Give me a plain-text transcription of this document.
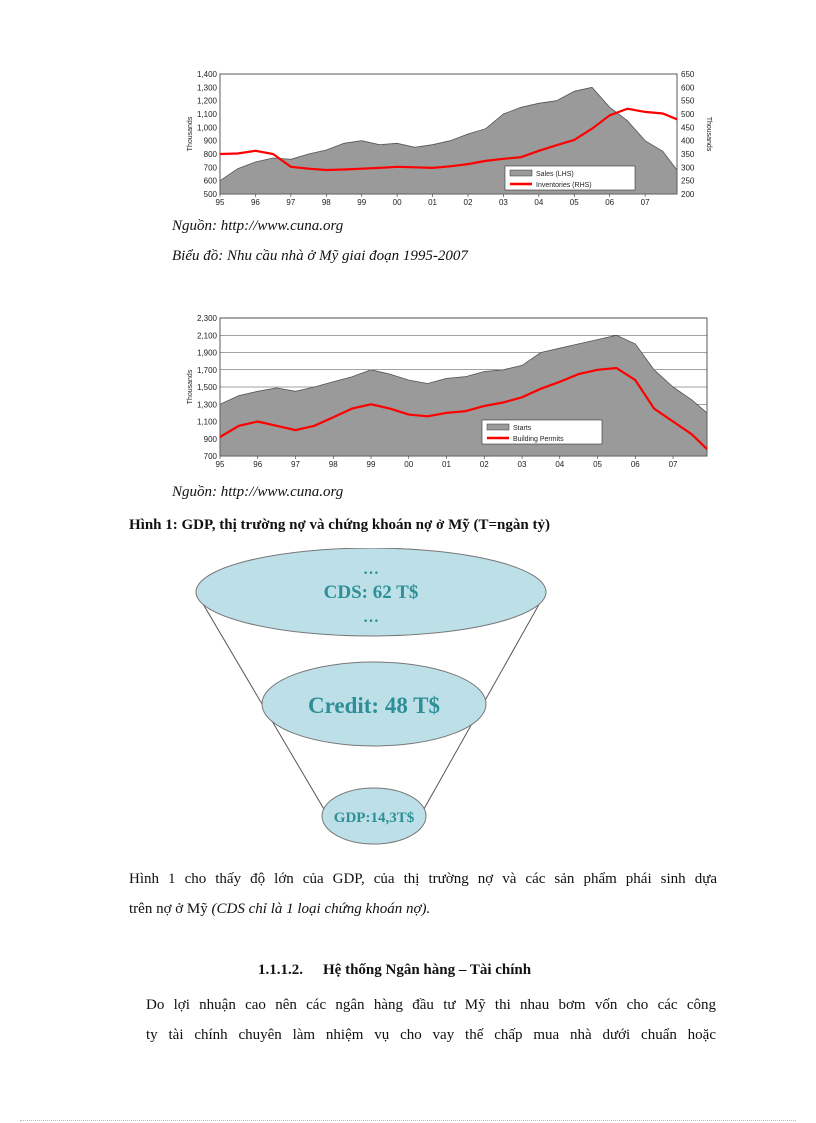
500
600
700
800
900
1,000
1,100
1,200
1,300
1,400
200
250
300
350
400
450
500
550
600
650
95	96	97	98	99	00	01	02	03	04	05	06	07
Thousands	Thousands
Sales (LHS)
Inventories (RHS)
Nguồn: http://www.cuna.org
Biểu đồ: Nhu cầu nhà ở Mỹ giai đoạn 1995-2007
700
900
1,100
1,300
1,500
1,700
1,900
2,100
2,300
95	96	97	98	99	00	01	02	03	04	05	06	07
Thousands
Starts
Building Permits
Nguồn: http://www.cuna.org
Hình 1: GDP, thị trường nợ và chứng khoán nợ ở Mỹ (T=ngàn tỷ)
…
CDS: 62 T$
…
Credit: 48 T$
GDP:14,3T$
Hình 1 cho thấy độ lớn của GDP, của thị trường nợ và các sản phẩm phái sinh dựa
trên nợ ở Mỹ (CDS chỉ là 1 loại chứng khoán nợ).
1.1.1.2. Hệ thống Ngân hàng – Tài chính
Do lợi nhuận cao nên các ngân hàng đầu tư Mỹ thi nhau bơm vốn cho các công
ty tài chính chuyên làm nhiệm vụ cho vay thế chấp mua nhà dưới chuẩn hoặc
